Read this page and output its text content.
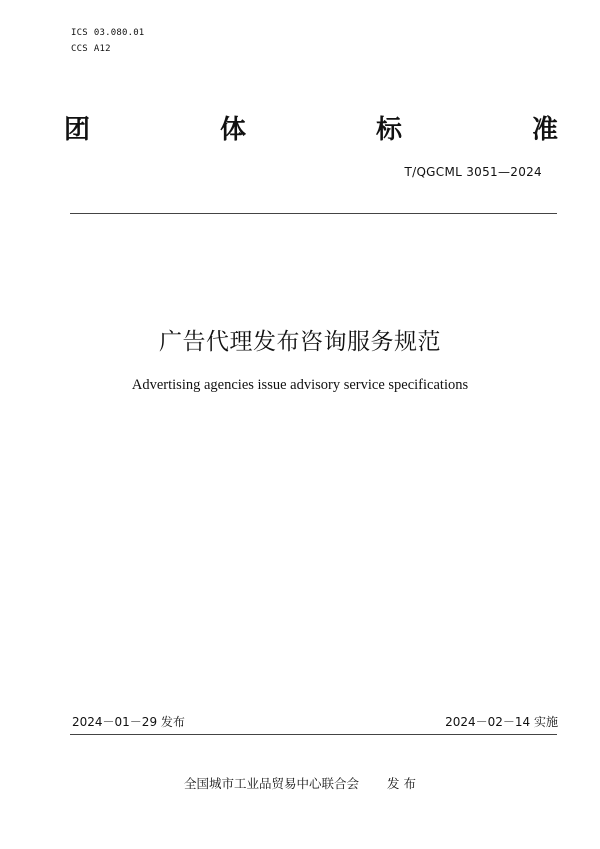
ICS 03.080.01
CCS A12
团	体	标	准
T/QGCML 3051—2024
广告代理发布咨询服务规范
Advertising agencies issue advisory service specifications
2024－01－29 发布	2024－02－14 实施
全国城市工业品贸易中心联合会 发 布
